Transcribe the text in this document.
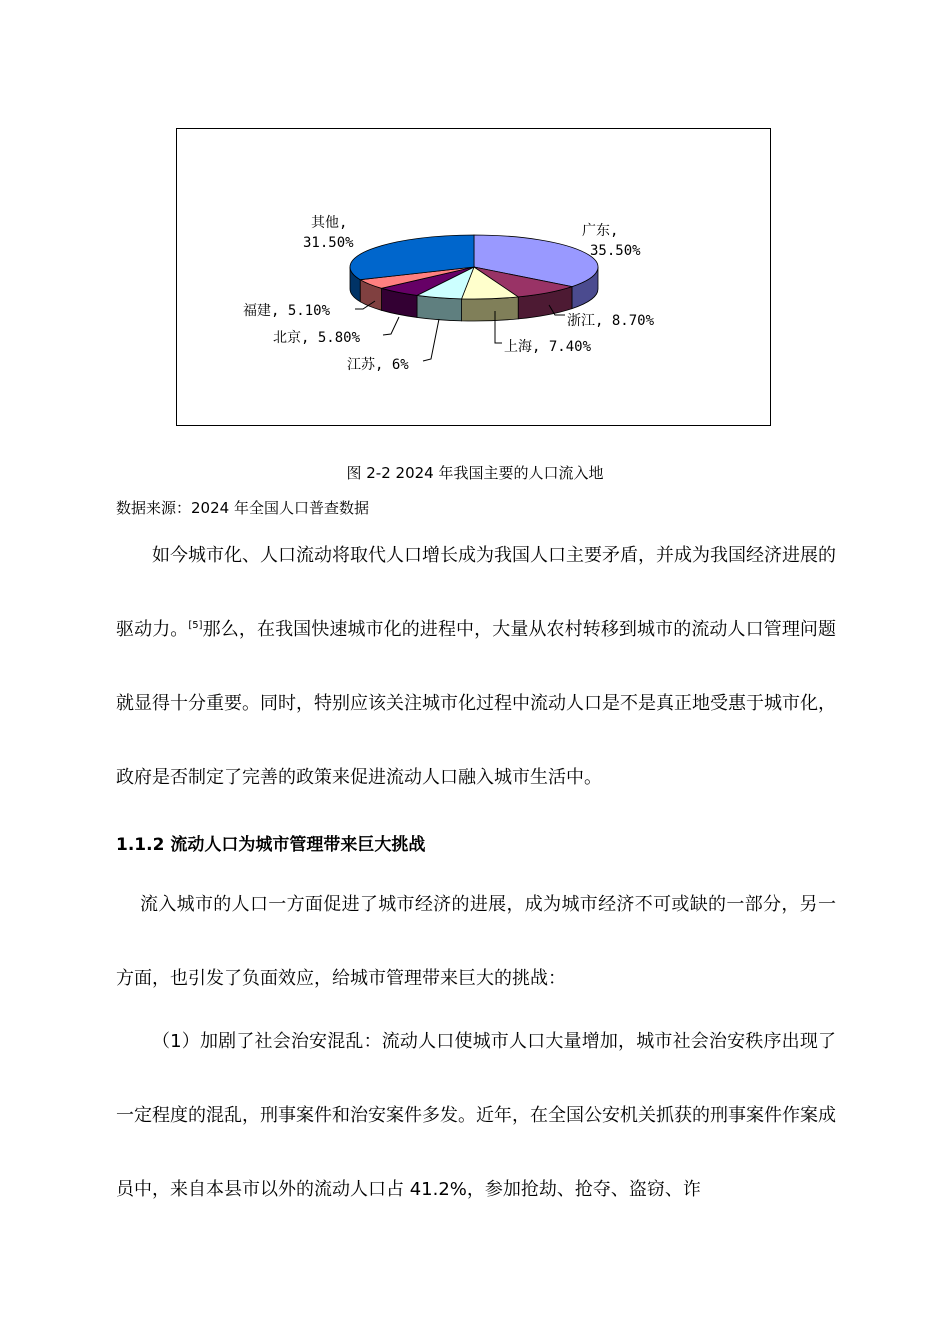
广东,
35.50%
其他,
31.50%
浙江, 8.70%
上海, 7.40%
江苏, 6%
北京, 5.80%
福建, 5.10%
图 2-2 2024 年我国主要的人口流入地
数据来源：2024 年全国人口普查数据

如今城市化、人口流动将取代人口增长成为我国人口主要矛盾，并成为我国经济进展的驱动力。[5]那么，在我国快速城市化的进程中，大量从农村转移到城市的流动人口管理问题就显得十分重要。同时，特别应该关注城市化过程中流动人口是不是真正地受惠于城市化，政府是否制定了完善的政策来促进流动人口融入城市生活中。

1.1.2 流动人口为城市管理带来巨大挑战

流入城市的人口一方面促进了城市经济的进展，成为城市经济不可或缺的一部分，另一方面，也引发了负面效应，给城市管理带来巨大的挑战：

（1）加剧了社会治安混乱：流动人口使城市人口大量增加，城市社会治安秩序出现了一定程度的混乱，刑事案件和治安案件多发。近年，在全国公安机关抓获的刑事案件作案成员中，来自本县市以外的流动人口占 41.2%，参加抢劫、抢夺、盗窃、诈
